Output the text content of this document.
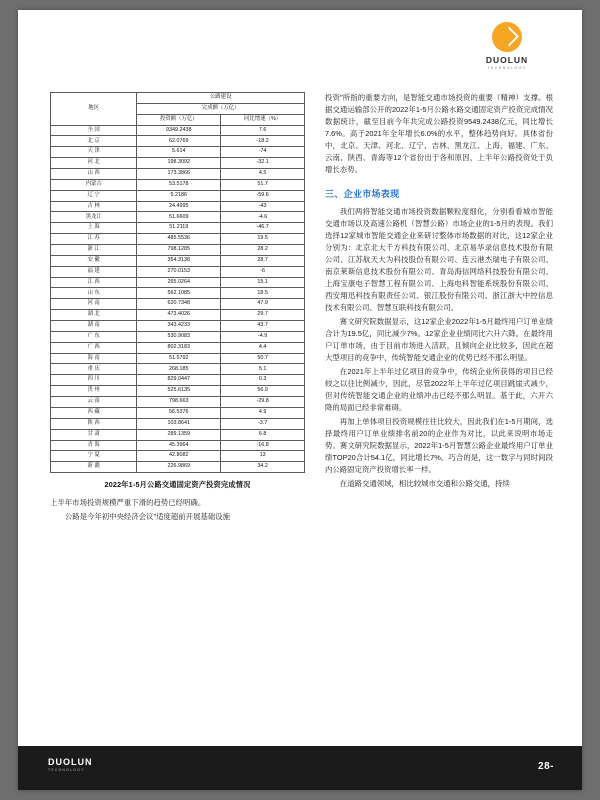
DUOLUN
TECHNOLOGY
地区	公路建设	
	完成额（万亿）	
	投资额（万亿）	同比增速（%）
全 国	9349.2438	7.6
北 京	62.0769	-18.2
天 津	5.614	-74
河 北	198.3092	-32.1
山 西	173.3866	4.5
内蒙古	53.5178	51.7
辽 宁	5.2186	-59.6
吉 林	24.4995	-43
黑龙江	51.6609	-4.6
上 海	51.2119	-46.7
江 苏	485.5536	19.5
浙 江	798.1285	28.2
安 徽	354.3138	28.7
福 建	270.0153	-6
江 西	265.0264	15.1
山 东	562.1085	18.5
河 南	620.7348	47.9
湖 北	473.4026	29.7
湖 南	343.4233	43.7
广 东	530.9083	-4.9
广 西	802.3183	4.4
海 南	51.5792	50.7
重 庆	268.185	5.1
四 川	829.0447	0.3
贵 州	525.6135	56.9
云 南	798.663	-29.8
西 藏	56.5376	4.9
陕 西	103.8641	-3.7
甘 肃	289.1359	6.8
青 海	45.3964	-16.8
宁 夏	42.8082	13
新 疆	226.9869	34.2
2022年1-5月公路交通固定资产投资完成情况

上半年市场投资规模严重下滑的趋势已经明确。

公路是今年初中央经济会议"适度超前开展基础设施

投资"所指的重要方向，是智能交通市场投资的重要（精神）支撑。根据交通运输部公开的2022年1-5月公路水路交通固定资产投资完成情况数据统计，截至目前今年共完成公路投资9549.2438亿元，同比增长7.6%。高于2021年全年增长6.0%的水平，整体趋势向好。具体省份中，北京、天津、河北、辽宁、吉林、黑龙江、上海、福建、广东、云南、陕西、青海等12个省份出于各和原因，上半年公路投资处于负增长态势。

三、企业市场表现

我们两将智能交通市场投资数据颗粒度细化，分别看看城市智能交通市场以及高速公路机（智慧公路）市场企业的1-5月的表现。我们选择12家城市智能交通企业来研讨整体市场数据的对比，这12家企业分别为：北京北大千方科技有限公司、北京易华录信息技术股份有限公司、江苏航天大为科技股份有限公司、连云港杰瑞电子有限公司、南京莱斯信息技术股份有限公司、青岛海信网络科技股份有限公司、上海宝康电子智慧工程有限公司、上海电科智能系统股份有限公司、西安翔迅科技有限责任公司、银江股份有限公司、浙江浙大中控信息技术有限公司、智慧互联科技有限公司。

赛文研究院数据显示，这12家企业2022年1-5月最终用户订单业绩合计为19.5亿，同比减少7%。12家企业业绩同比六升六降。在最终用户订单市场，由于目前市场进入活跃，且倾向企业比较多，因此在超大型项目的竞争中，传统智能交通企业的优势已经不那么明显。

在2021年上半年过亿项目的竞争中，传统企业所获得的项目已经较之以往比例减少，因此，尽管2022年上半年过亿项目跳崖式减少，但对传统智能交通企业的业绩冲击已经不那么明显。基于此，六开六降的局面已经非常难碍。

再加上单体项目投资规模往往比较大，因此我们在1-5月期间，选择最终用户订单业绩排名前20的企业作为对比，以此来说明市场走势。赛文研究院数据显示，2022年1-5月智慧公路企业最终用户订单业绩TOP20合计54.1亿，同比增长7%。巧合的是，这一数字与同时间段内公路固定资产投资增长率一样。

在道路交通领域，相比较城市交通和公路交通，持续

DUOLUN
TECHNOLOGY	28-
